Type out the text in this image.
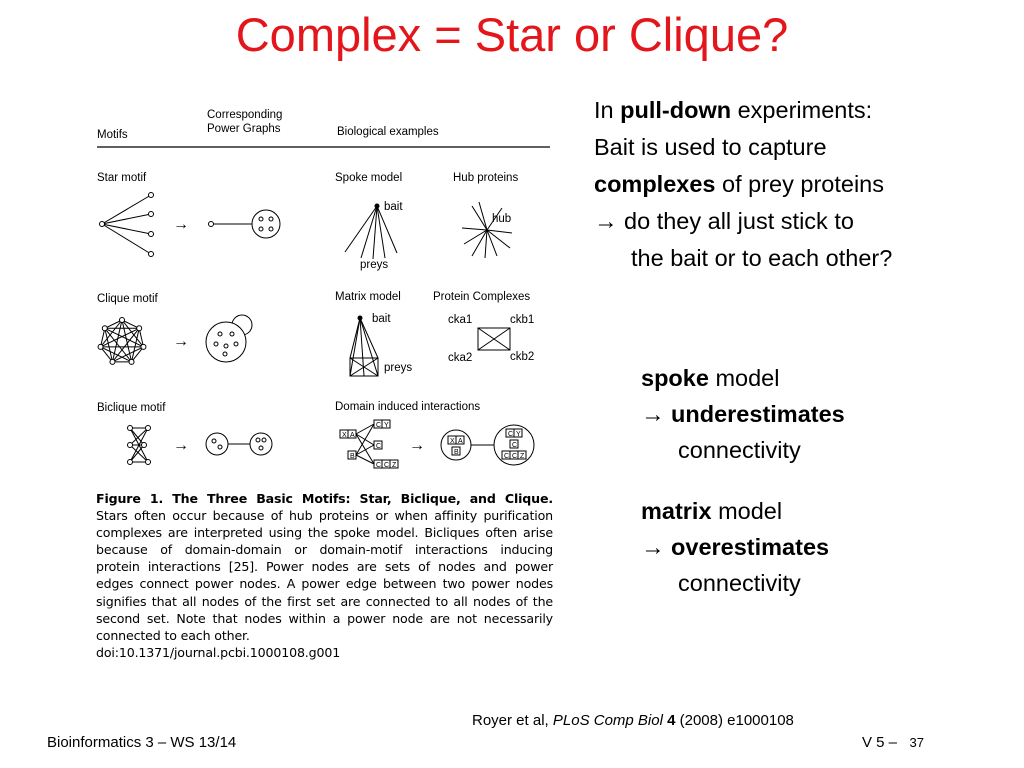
Complex = Star or Clique?
Motifs
Corresponding Power Graphs	Biological examples
Star motif
Clique motif
Biclique motif
Spoke model	Hub proteins
Matrix model	Protein Complexes
Domain induced interactions
→
bait
preys
hub
→
bait
preys
cka1	ckb1
cka2	ckb2
→
X A
B
C
C Y
C C Z
→	X A
B
C Y
C
C C Z
Figure 1. The Three Basic Motifs: Star, Biclique, and Clique.
Stars often occur because of hub proteins or when affinity purification
complexes are interpreted using the spoke model. Bicliques often arise
because of domain-domain or domain-motif interactions inducing
protein interactions [25]. Power nodes are sets of nodes and power
edges connect power nodes. A power edge between two power nodes
signifies that all nodes of the first set are connected to all nodes of the
second set. Note that nodes within a power node are not necessarily
connected to each other.
doi:10.1371/journal.pcbi.1000108.g001
In pull-down experiments:
Bait is used to capture
complexes of prey proteins
→ do they all just stick to
the bait or to each other?
spoke model
→ underestimates
connectivity
matrix model
→ overestimates
connectivity
Royer et al, PLoS Comp Biol 4 (2008) e1000108
Bioinformatics 3 – WS 13/14	V 5 – 37
